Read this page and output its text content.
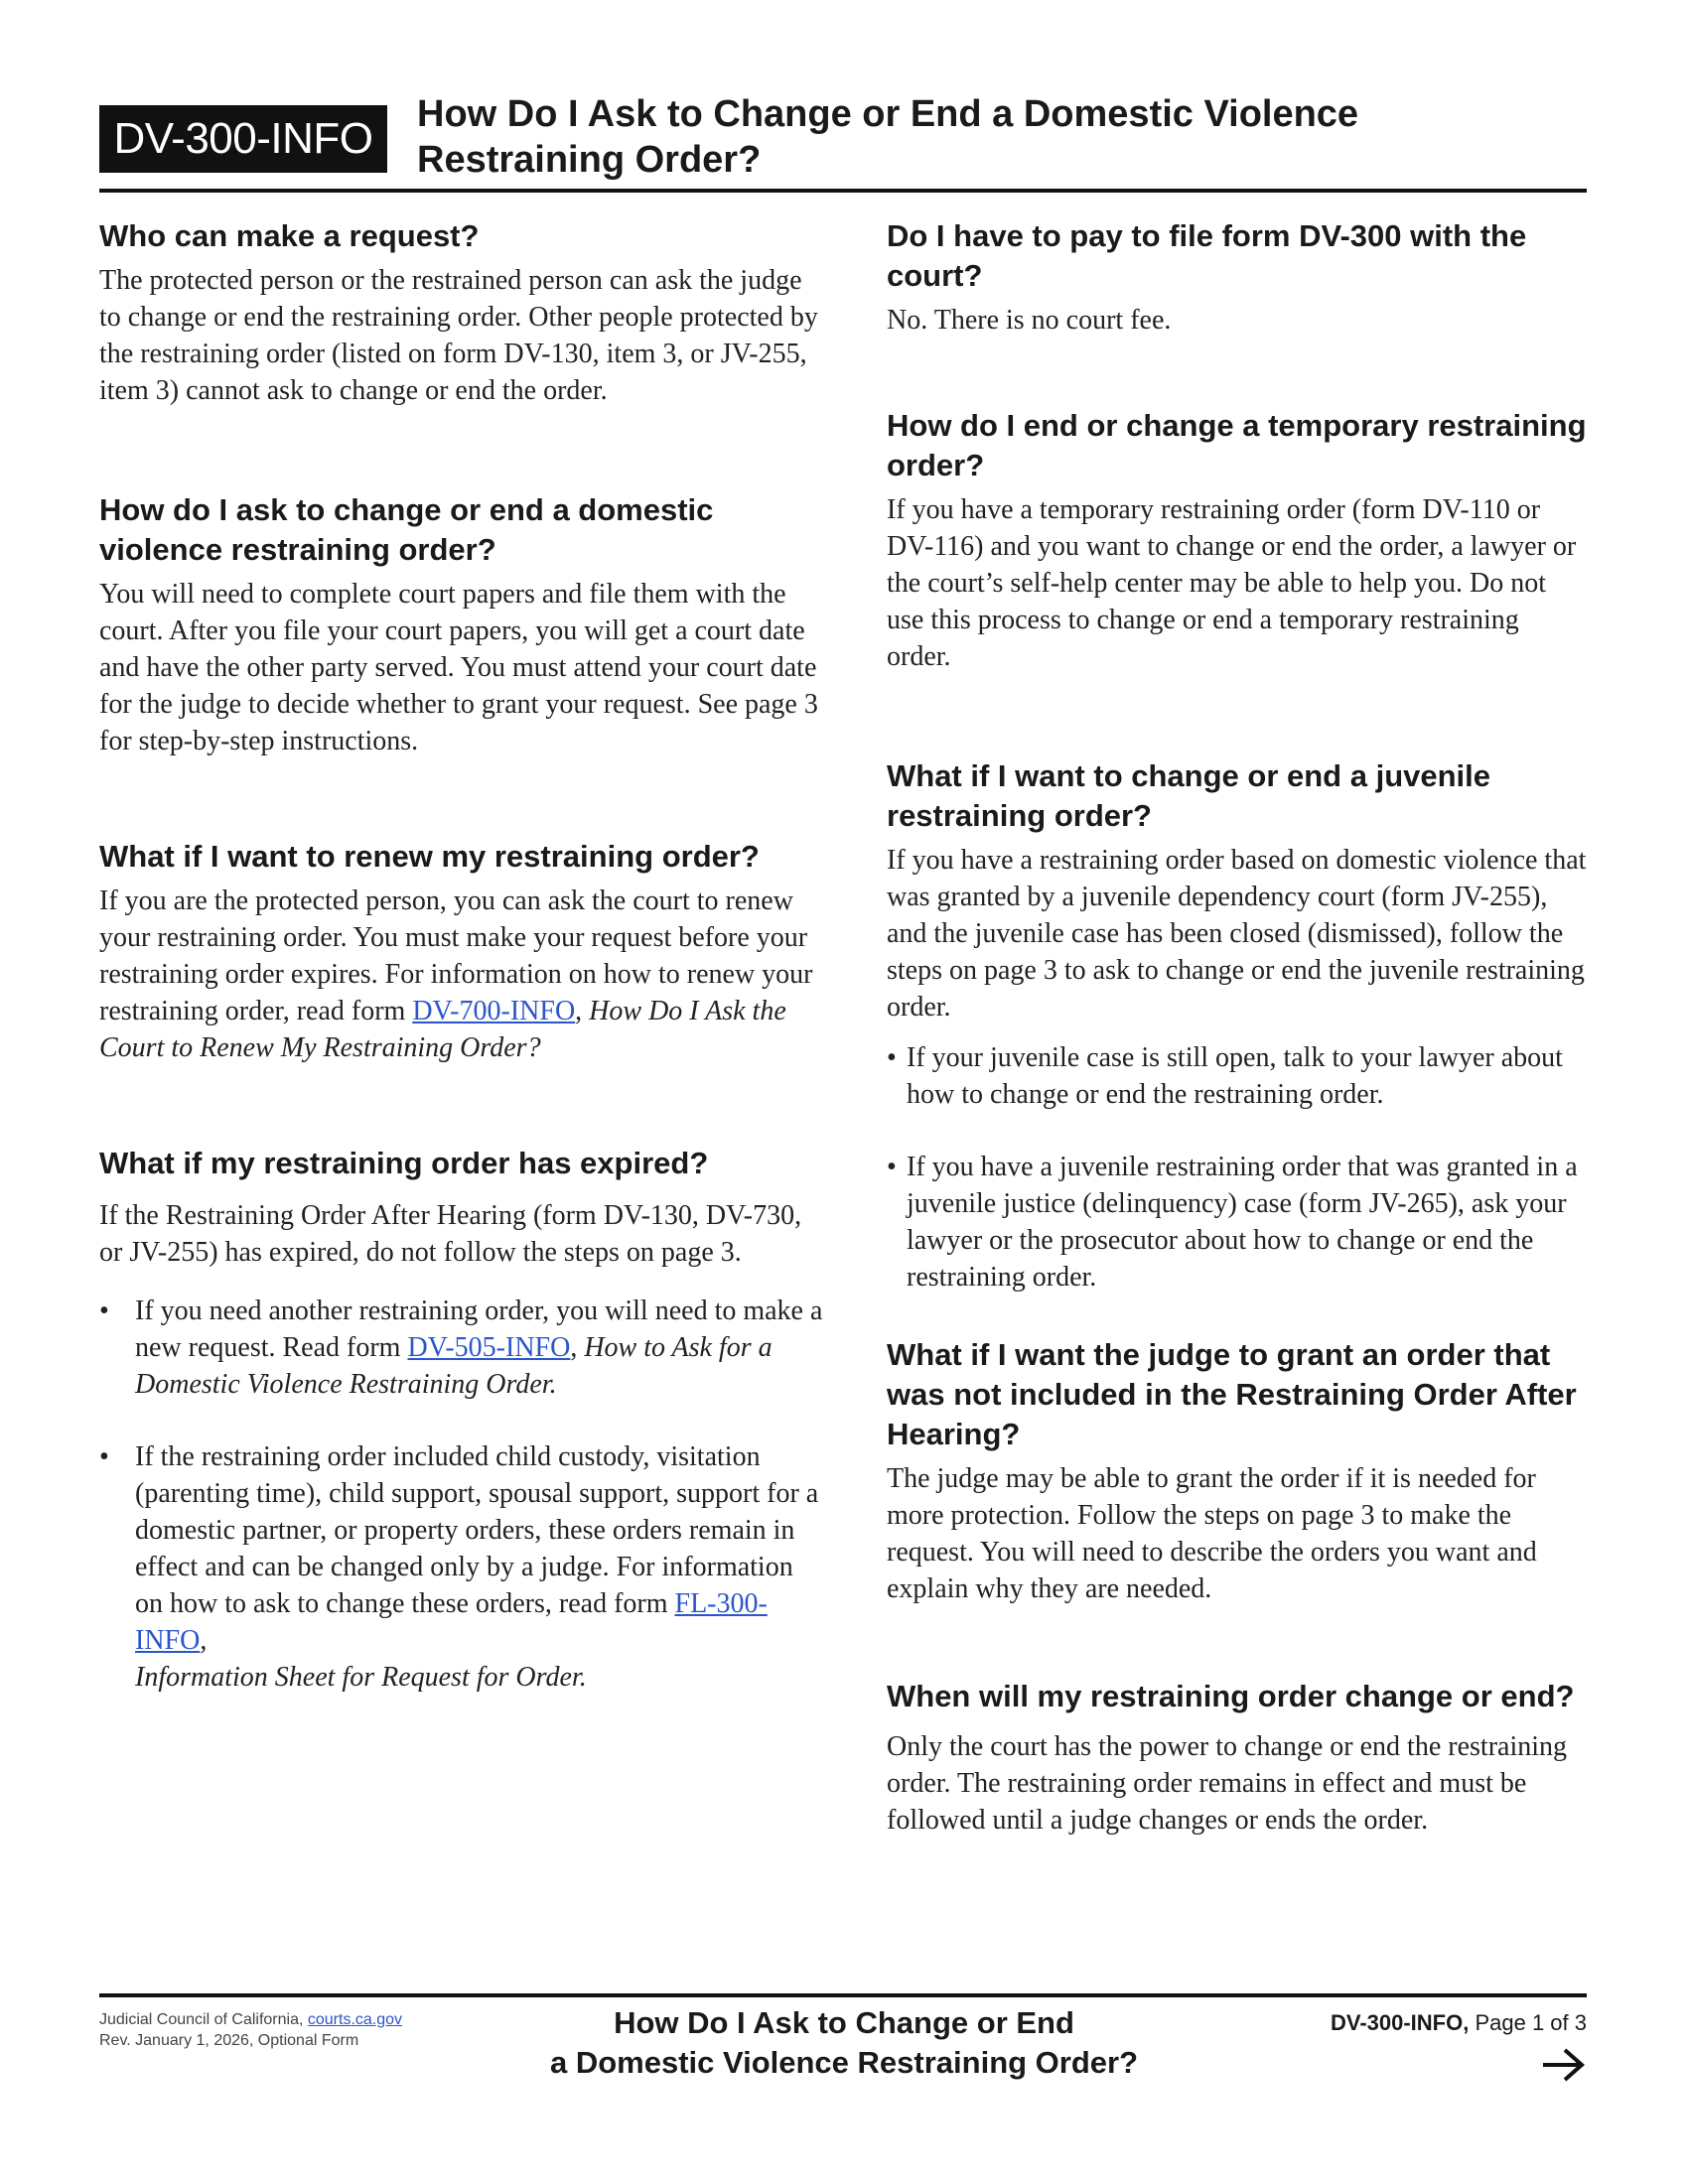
DV-300-INFO	How Do I Ask to Change or End a Domestic Violence
Restraining Order?
Who can make a request?

The protected person or the restrained person can ask the judge to change or end the restraining order. Other people protected by the restraining order (listed on form DV-130, item 3, or JV-255, item 3) cannot ask to change or end the order.

How do I ask to change or end a domestic violence restraining order?

You will need to complete court papers and file them with the court. After you file your court papers, you will get a court date and have the other party served. You must attend your court date for the judge to decide whether to grant your request. See page 3 for step-by-step instructions.

What if I want to renew my restraining order?

If you are the protected person, you can ask the court to renew your restraining order. You must make your request before your restraining order expires. For information on how to renew your restraining order, read form DV-700-INFO, How Do I Ask the Court to Renew My Restraining Order?

What if my restraining order has expired?

If the Restraining Order After Hearing (form DV-130, DV-730, or JV-255) has expired, do not follow the steps on page 3.

• If you need another restraining order, you will need to make a new request. Read form DV-505-INFO, How to Ask for a Domestic Violence Restraining Order.
• If the restraining order included child custody, visitation (parenting time), child support, spousal support, support for a domestic partner, or property orders, these orders remain in effect and can be changed only by a judge. For information on how to ask to change these orders, read form FL-300-INFO,
Information Sheet for Request for Order.
Do I have to pay to file form DV-300 with the court?

No. There is no court fee.

How do I end or change a temporary restraining order?

If you have a temporary restraining order (form DV-110 or DV-116) and you want to change or end the order, a lawyer or the court’s self-help center may be able to help you. Do not use this process to change or end a temporary restraining order.

What if I want to change or end a juvenile restraining order?

If you have a restraining order based on domestic violence that was granted by a juvenile dependency court (form JV-255), and the juvenile case has been closed (dismissed), follow the steps on page 3 to ask to change or end the juvenile restraining order.

• If your juvenile case is still open, talk to your lawyer about how to change or end the restraining order.
• If you have a juvenile restraining order that was granted in a juvenile justice (delinquency) case (form JV-265), ask your lawyer or the prosecutor about how to change or end the restraining order.
What if I want the judge to grant an order that was not included in the Restraining Order After Hearing?

The judge may be able to grant the order if it is needed for more protection. Follow the steps on page 3 to make the request. You will need to describe the orders you want and explain why they are needed.

When will my restraining order change or end?

Only the court has the power to change or end the restraining order. The restraining order remains in effect and must be followed until a judge changes or ends the order.

Judicial Council of California, courts.ca.gov
Rev. January 1, 2026, Optional Form
How Do I Ask to Change or End
a Domestic Violence Restraining Order?
DV-300-INFO, Page 1 of 3
